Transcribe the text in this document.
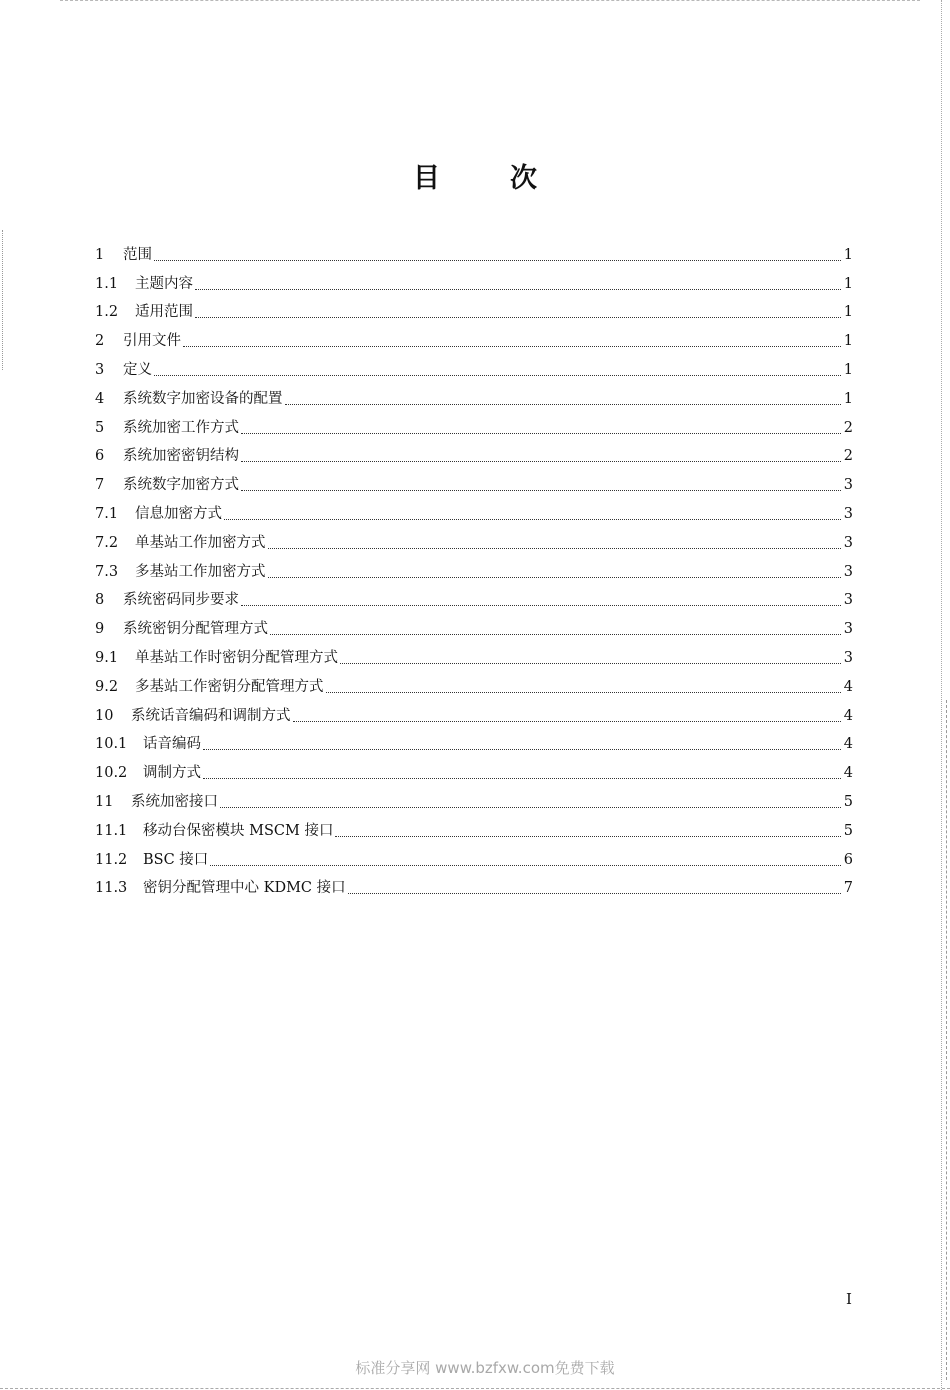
目	次
1	范围	1
1.1	主题内容	1
1.2	适用范围	1
2	引用文件	1
3	定义	1
4	系统数字加密设备的配置	1
5	系统加密工作方式	2
6	系统加密密钥结构	2
7	系统数字加密方式	3
7.1	信息加密方式	3
7.2	单基站工作加密方式	3
7.3	多基站工作加密方式	3
8	系统密码同步要求	3
9	系统密钥分配管理方式	3
9.1	单基站工作时密钥分配管理方式	3
9.2	多基站工作密钥分配管理方式	4
10	系统话音编码和调制方式	4
10.1	话音编码	4
10.2	调制方式	4
11	系统加密接口	5
11.1	移动台保密模块 MSCM 接口	5
11.2	BSC 接口	6
11.3	密钥分配管理中心 KDMC 接口	7
I
标准分享网 www.bzfxw.com免费下载
